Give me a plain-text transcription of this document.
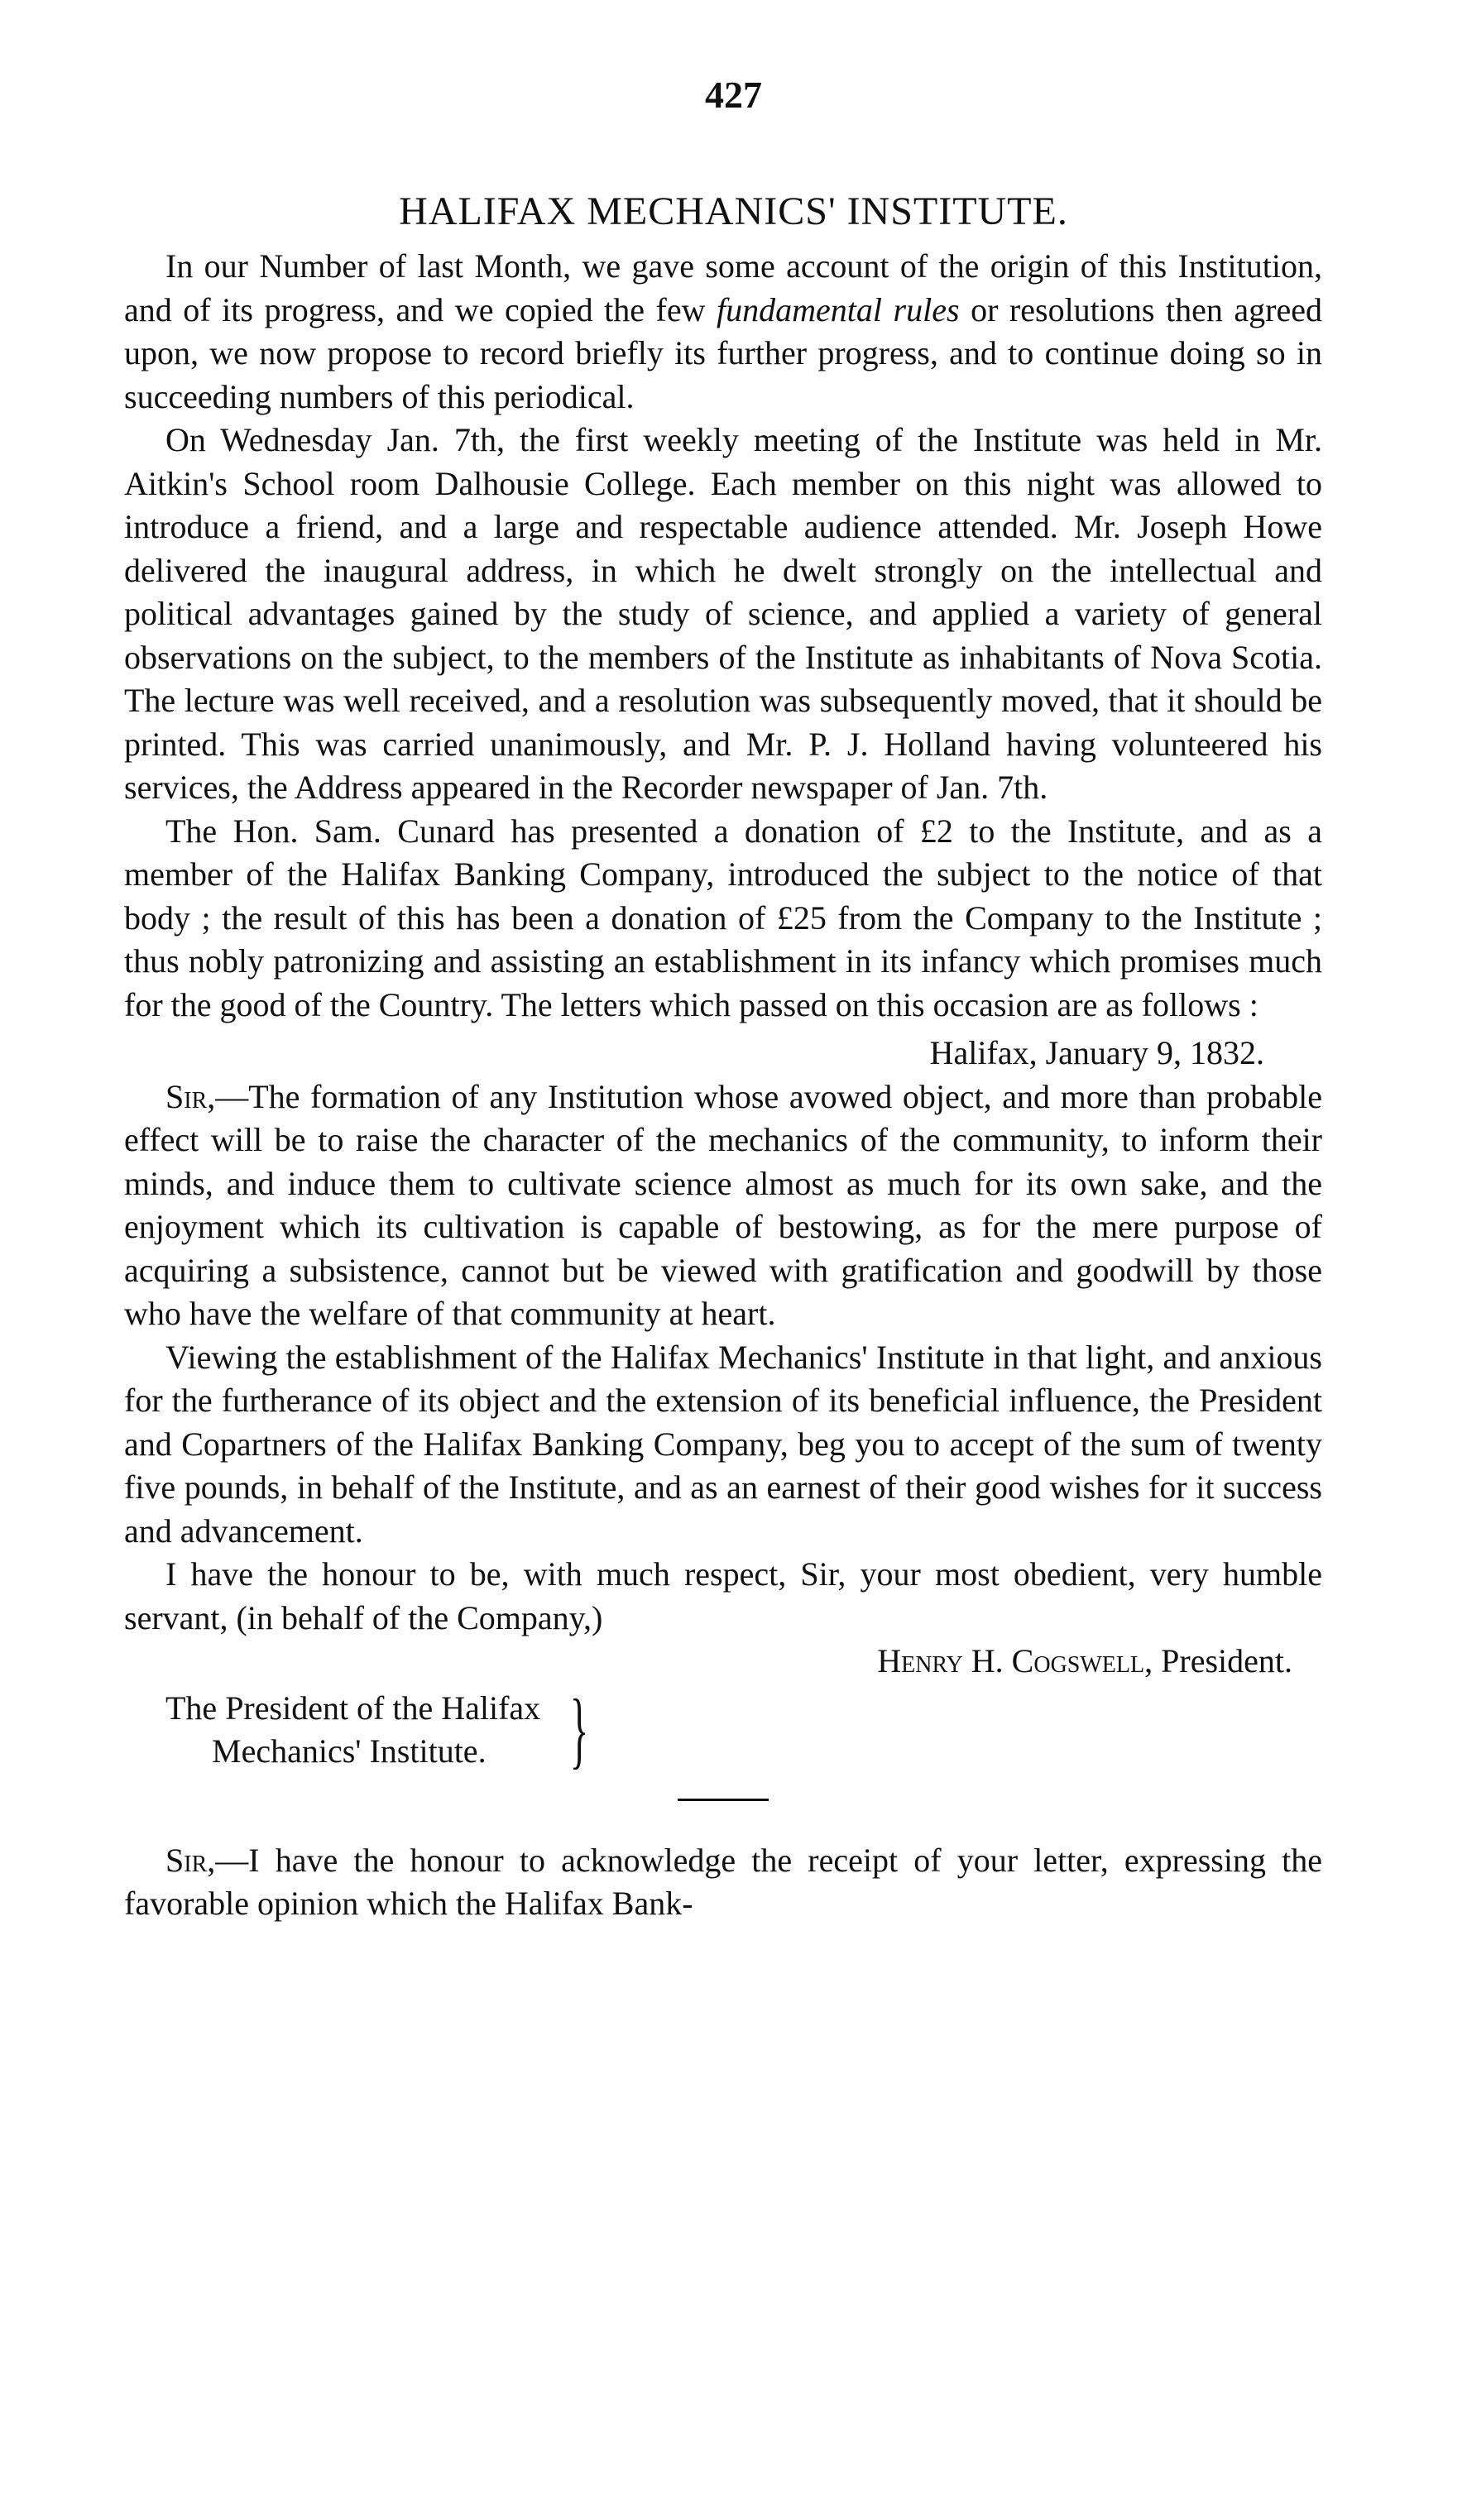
427
HALIFAX MECHANICS' INSTITUTE.

In our Number of last Month, we gave some account of the origin of this Institution, and of its progress, and we copied the few fundamental rules or resolutions then agreed upon, we now propose to record briefly its further progress, and to continue doing so in succeeding numbers of this periodical.

On Wednesday Jan. 7th, the first weekly meeting of the Institute was held in Mr. Aitkin's School room Dalhousie College. Each member on this night was allowed to introduce a friend, and a large and respectable audience attended. Mr. Joseph Howe delivered the inaugural address, in which he dwelt strongly on the intellectual and political advantages gained by the study of science, and applied a variety of general observations on the subject, to the members of the Institute as inhabitants of Nova Scotia. The lecture was well received, and a resolution was subsequently moved, that it should be printed. This was carried unanimously, and Mr. P. J. Holland having volunteered his services, the Address appeared in the Recorder newspaper of Jan. 7th.

The Hon. Sam. Cunard has presented a donation of £2 to the Institute, and as a member of the Halifax Banking Company, introduced the subject to the notice of that body ; the result of this has been a donation of £25 from the Company to the Institute ; thus nobly patronizing and assisting an establishment in its infancy which promises much for the good of the Country. The letters which passed on this occasion are as follows :

Halifax, January 9, 1832.

Sir,—The formation of any Institution whose avowed object, and more than probable effect will be to raise the character of the mechanics of the community, to inform their minds, and induce them to cultivate science almost as much for its own sake, and the enjoyment which its cultivation is capable of bestowing, as for the mere purpose of acquiring a subsistence, cannot but be viewed with gratification and goodwill by those who have the welfare of that community at heart.

Viewing the establishment of the Halifax Mechanics' Institute in that light, and anxious for the furtherance of its object and the extension of its beneficial influence, the President and Copartners of the Halifax Banking Company, beg you to accept of the sum of twenty five pounds, in behalf of the Institute, and as an earnest of their good wishes for it success and advancement.

I have the honour to be, with much respect, Sir, your most obedient, very humble servant, (in behalf of the Company,)

Henry H. Cogswell, President.

The President of the Halifax
Mechanics' Institute. }

Sir,—I have the honour to acknowledge the receipt of your letter, expressing the favorable opinion which the Halifax Bank-
